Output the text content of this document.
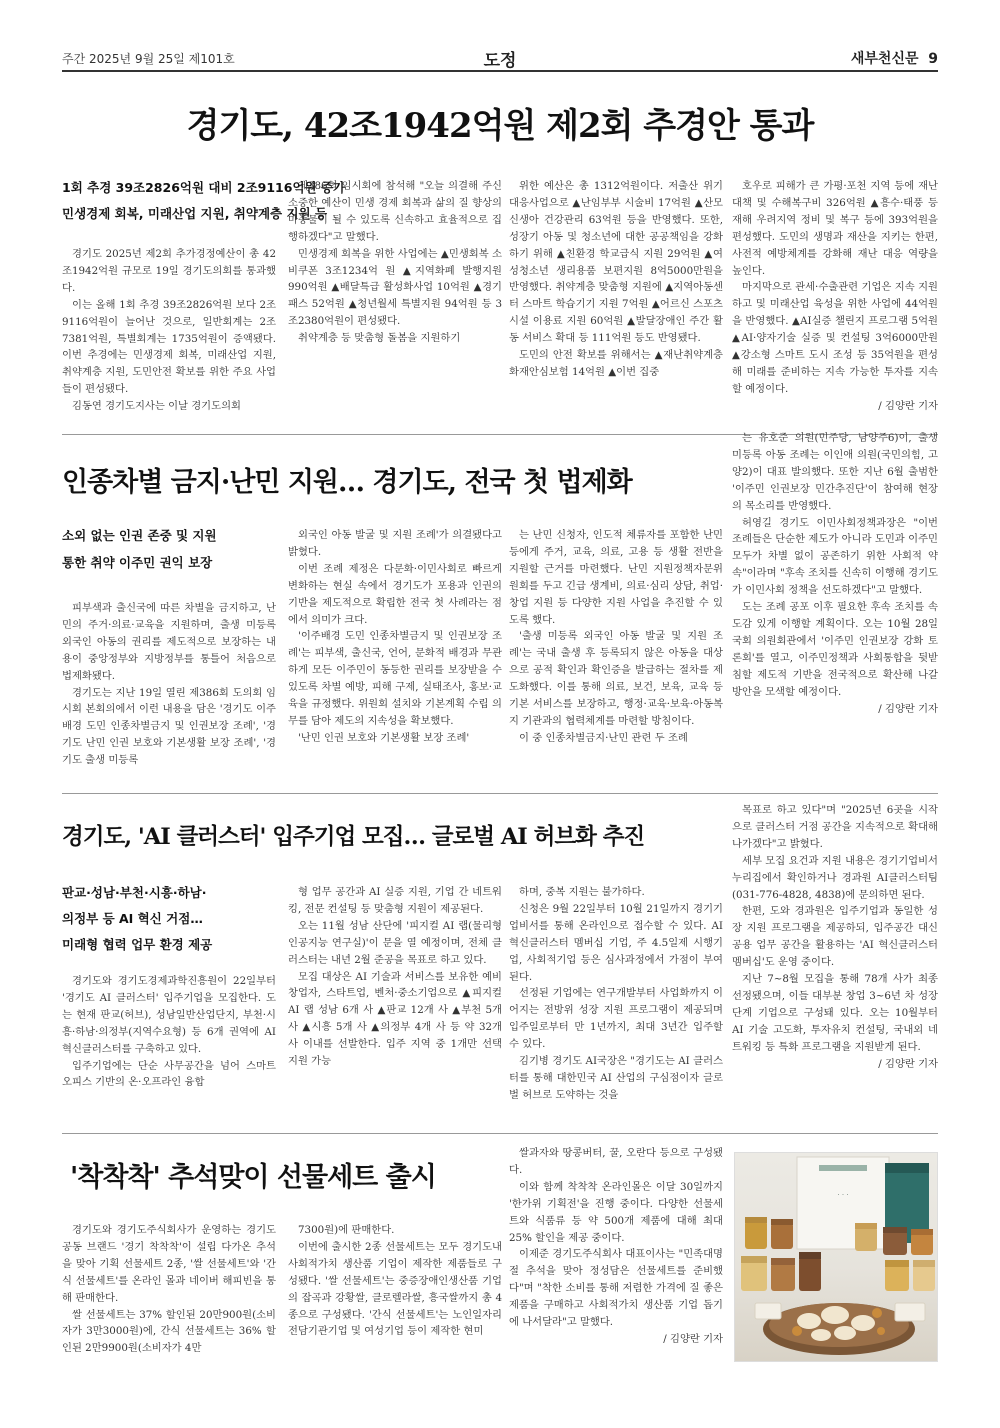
주간 2025년 9월 25일 제101호	도정	새부천신문 9
경기도, 42조1942억원 제2회 추경안 통과
1회 추경 39조2826억원 대비 2조9116억원 증가
민생경제 회복, 미래산업 지원, 취약계층 지원 등

경기도 2025년 제2회 추가경정예산이 총 42조1942억원 규모로 19일 경기도의회를 통과했다.

이는 올해 1회 추경 39조2826억원 보다 2조9116억원이 늘어난 것으로, 일반회계는 2조7381억원, 특별회계는 1735억원이 증액됐다. 이번 추경에는 민생경제 회복, 미래산업 지원, 취약계층 지원, 도민안전 확보를 위한 주요 사업들이 편성됐다.

김동연 경기도지사는 이날 경기도의회

제386회 임시회에 참석해 "오늘 의결해 주신 소중한 예산이 민생 경제 회복과 삶의 질 향상의 마중물이 될 수 있도록 신속하고 효율적으로 집행하겠다"고 말했다.

민생경제 회복을 위한 사업에는 ▲민생회복 소비쿠폰 3조1234억 원 ▲지역화폐 발행지원 990억원 ▲배달특급 활성화사업 10억원 ▲경기패스 52억원 ▲청년월세 특별지원 94억원 등 3조2380억원이 편성됐다.

취약계층 등 맞춤형 돌봄을 지원하기

위한 예산은 총 1312억원이다. 저출산 위기 대응사업으로 ▲난임부부 시술비 17억원 ▲산모신생아 건강관리 63억원 등을 반영했다. 또한, 성장기 아동 및 청소년에 대한 공공책임을 강화하기 위해 ▲친환경 학교급식 지원 29억원 ▲여성청소년 생리용품 보편지원 8억5000만원을 반영했다. 취약계층 맞춤형 지원에 ▲지역아동센터 스마트 학습기기 지원 7억원 ▲어르신 스포츠 시설 이용료 지원 60억원 ▲발달장애인 주간 활동 서비스 확대 등 111억원 등도 반영됐다.

도민의 안전 확보를 위해서는 ▲재난취약계층 화재안심보험 14억원 ▲이번 집중

호우로 피해가 큰 가평·포천 지역 등에 재난대책 및 수해복구비 326억원 ▲흥수·태풍 등 재해 우려지역 정비 및 복구 등에 393억원을 편성했다. 도민의 생명과 재산을 지키는 한편, 사전적 예방체계를 강화해 재난 대응 역량을 높인다.

마지막으로 관세·수출관련 기업은 지속 지원하고 및 미래산업 육성을 위한 사업에 44억원을 반영했다. ▲AI실증 챌린지 프로그램 5억원 ▲AI·양자기술 실증 및 컨설팅 3억6000만원 ▲강소형 스마트 도시 조성 등 35억원을 편성해 미래를 준비하는 지속 가능한 투자를 지속할 예정이다.

/ 김양란 기자
인종차별 금지·난민 지원… 경기도, 전국 첫 법제화
소외 없는 인권 존중 및 지원
통한 취약 이주민 권익 보장

피부색과 출신국에 따른 차별을 금지하고, 난민의 주거·의료·교육을 지원하며, 출생 미등록 외국인 아동의 권리를 제도적으로 보장하는 내용이 중앙정부와 지방정부를 통틀어 처음으로 법제화됐다.

경기도는 지난 19일 열린 제386회 도의회 임시회 본회의에서 이런 내용을 담은 '경기도 이주배경 도민 인종차별금지 및 인권보장 조례', '경기도 난민 인권 보호와 기본생활 보장 조례', '경기도 출생 미등록

외국인 아동 발굴 및 지원 조례'가 의결됐다고 밝혔다.

이번 조례 제정은 다문화·이민사회로 빠르게 변화하는 현실 속에서 경기도가 포용과 인권의 기반을 제도적으로 확립한 전국 첫 사례라는 점에서 의미가 크다.

'이주배경 도민 인종차별금지 및 인권보장 조례'는 피부색, 출신국, 언어, 문화적 배경과 무관하게 모든 이주민이 동등한 권리를 보장받을 수 있도록 차별 예방, 피해 구제, 실태조사, 홍보·교육을 규정했다. 위원회 설치와 기본계획 수립 의무를 담아 제도의 지속성을 확보했다.

'난민 인권 보호와 기본생활 보장 조례'

는 난민 신청자, 인도적 체류자를 포함한 난민 등에게 주거, 교육, 의료, 고용 등 생활 전반을 지원할 근거를 마련했다. 난민 지원정책자문위원회를 두고 긴급 생계비, 의료·심리 상담, 취업·창업 지원 등 다양한 지원 사업을 추진할 수 있도록 했다.

'출생 미등록 외국인 아동 발굴 및 지원 조례'는 국내 출생 후 등록되지 않은 아동을 대상으로 공적 확인과 확인증을 발급하는 절차를 제도화했다. 이를 통해 의료, 보건, 보육, 교육 등 기본 서비스를 보장하고, 행정·교육·보육·아동복지 기관과의 협력체계를 마련할 방침이다.

이 중 인종차별금지·난민 관련 두 조례

는 유호준 의원(민주당, 남양주6)이, 출생 미등록 아동 조례는 이인애 의원(국민의힘, 고양2)이 대표 발의했다. 또한 지난 6월 출범한 '이주민 인권보장 민간추진단'이 참여해 현장의 목소리를 반영했다.

허영길 경기도 이민사회정책과장은 "이번 조례들은 단순한 제도가 아니라 도민과 이주민 모두가 차별 없이 공존하기 위한 사회적 약속"이라며 "후속 조치를 신속히 이행해 경기도가 이민사회 정책을 선도하겠다"고 말했다.

도는 조례 공포 이후 필요한 후속 조치를 속도감 있게 이행할 계획이다. 오는 10월 28일 국회 의원회관에서 '이주민 인권보장 강화 토론회'를 열고, 이주민정책과 사회통합을 뒷받침할 제도적 기반을 전국적으로 확산해 나갈 방안을 모색할 예정이다.

/ 김양란 기자
경기도, 'AI 클러스터' 입주기업 모집… 글로벌 AI 허브화 추진
판교·성남·부천·시흥·하남·
의정부 등 AI 혁신 거점…
미래형 협력 업무 환경 제공

경기도와 경기도경제과학진흥원이 22일부터 '경기도 AI 클러스터' 입주기업을 모집한다. 도는 현재 판교(허브), 성남일반산업단지, 부천·시흥·하남·의정부(지역수요형) 등 6개 권역에 AI 혁신클러스터를 구축하고 있다.

입주기업에는 단순 사무공간을 넘어 스마트 오피스 기반의 온·오프라인 융합

형 업무 공간과 AI 실증 지원, 기업 간 네트워킹, 전문 컨설팅 등 맞춤형 지원이 제공된다.

오는 11월 성남 산단에 '피지컬 AI 랩(물리형 인공지능 연구실)'이 문을 열 예정이며, 전체 클러스터는 내년 2월 준공을 목표로 하고 있다.

모집 대상은 AI 기술과 서비스를 보유한 예비창업자, 스타트업, 벤처·중소기업으로 ▲피지컬 AI 랩 성남 6개 사 ▲판교 12개 사 ▲부천 5개 사 ▲시흥 5개 사 ▲의정부 4개 사 등 약 32개 사 이내를 선발한다. 입주 지역 중 1개만 선택 지원 가능

하며, 중복 지원는 불가하다.

신청은 9월 22일부터 10월 21일까지 경기기업비서를 통해 온라인으로 접수할 수 있다. AI 혁신클러스터 멤버십 기업, 주 4.5일제 시행기업, 사회적기업 등은 심사과정에서 가점이 부여된다.

선정된 기업에는 연구개발부터 사업화까지 이어지는 전방위 성장 지원 프로그램이 제공되며 입주일로부터 만 1년까지, 최대 3년간 입주할 수 있다.

김기병 경기도 AI국장은 "경기도는 AI 클러스터를 통해 대한민국 AI 산업의 구심점이자 글로벌 허브로 도약하는 것을

목표로 하고 있다"며 "2025년 6곳을 시작으로 클러스터 거점 공간을 지속적으로 확대해 나가겠다"고 밝혔다.

세부 모집 요건과 지원 내용은 경기기업비서 누리집에서 확인하거나 경과원 AI클러스터팀(031-776-4828, 4838)에 문의하면 된다.

한편, 도와 경과원은 입주기업과 동일한 성장 지원 프로그램을 제공하되, 입주공간 대신 공용 업무 공간을 활용하는 'AI 혁신클러스터 멤버십'도 운영 중이다.

지난 7~8월 모집을 통해 78개 사가 최종 선정됐으며, 이들 대부분 창업 3~6년 차 성장단계 기업으로 구성돼 있다. 오는 10월부터 AI 기술 고도화, 투자유치 컨설팅, 국내외 네트워킹 등 특화 프로그램을 지원받게 된다.

/ 김양란 기자
'착착착' 추석맞이 선물세트 출시

경기도와 경기도주식회사가 운영하는 경기도 공동 브랜드 '경기 착착착'이 설립 다가온 추석을 맞아 기획 선물세트 2종, '쌀 선물세트'와 '간식 선물세트'를 온라인 몰과 네이버 해피빈을 통해 판매한다.

쌀 선물세트는 37% 할인된 20만900원(소비자가 3만3000원)에, 간식 선물세트는 36% 할인된 2만9900원(소비자가 4만

7300원)에 판매한다.

이번에 출시한 2종 선물세트는 모두 경기도내 사회적가치 생산품 기업이 제작한 제품들로 구성됐다. '쌀 선물세트'는 중증장애인생산품 기업의 잡곡과 강황쌀, 클로렐라쌀, 흥국쌀까지 총 4종으로 구성됐다. '간식 선물세트'는 노인일자리 전담기관기업 및 여성기업 등이 제작한 현미

쌀과자와 땅콩버터, 꿀, 오란다 등으로 구성됐다.

이와 함께 착착착 온라인몰은 이달 30일까지 '한가위 기획전'을 진행 중이다. 다양한 선물세트와 식품류 등 약 500개 제품에 대해 최대 25% 할인을 제공 중이다.

이제준 경기도주식회사 대표이사는 "민족대명절 추석을 맞아 정성담은 선물세트를 준비했다"며 "착한 소비를 통해 저렴한 가격에 질 좋은 제품을 구매하고 사회적가치 생산품 기업 돕기에 나서달라"고 말했다.

/ 김양란 기자
· · ·
